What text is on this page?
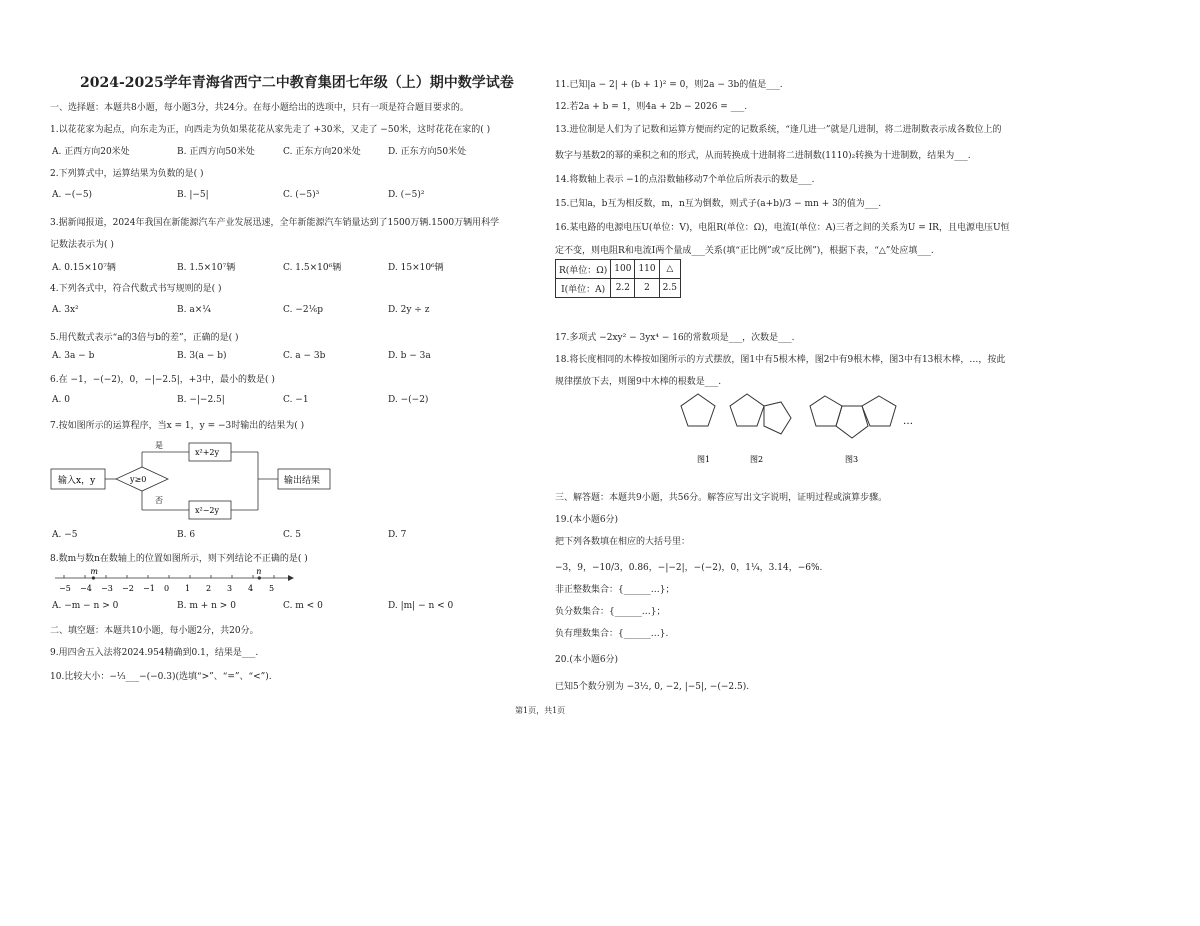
2024-2025学年青海省西宁二中教育集团七年级（上）期中数学试卷
一、选择题：本题共8小题，每小题3分，共24分。在每小题给出的选项中，只有一项是符合题目要求的。
1.以花花家为起点，向东走为正，向西走为负如果花花从家先走了 +30米，又走了 −50米，这时花花在家的( )
A. 正西方向20米处	B. 正西方向50米处	C. 正东方向20米处	D. 正东方向50米处
2.下列算式中，运算结果为负数的是( )
A. −(−5)	B. |−5|	C. (−5)³	D. (−5)²
3.据新闻报道，2024年我国在新能源汽车产业发展迅速，全年新能源汽车销量达到了1500万辆.1500万辆用科学
记数法表示为( )
A. 0.15×10⁷辆	B. 1.5×10⁷辆	C. 1.5×10⁶辆	D. 15×10⁶辆
4.下列各式中，符合代数式书写规则的是( )
A. 3x²	B. a×¼	C. −2⅙p	D. 2y ÷ z
5.用代数式表示“a的3倍与b的差”，正确的是( )
A. 3a − b	B. 3(a − b)	C. a − 3b	D. b − 3a
6.在 −1，−(−2)，0，−|−2.5|，+3中，最小的数是( )
A. 0	B. −|−2.5|	C. −1	D. −(−2)
7.按如图所示的运算程序，当x = 1，y = −3时输出的结果为( )
输入x，y	y≥0
是
x²+2y
否
x²−2y
输出结果
A. −5	B. 6	C. 5	D. 7
8.数m与数n在数轴上的位置如图所示，则下列结论不正确的是( )
−5 −4 −3 −2 −1 0 1 2 3 4 5
m	n
A. −m − n > 0	B. m + n > 0	C. m < 0	D. |m| − n < 0
二、填空题：本题共10小题，每小题2分，共20分。
9.用四舍五入法将2024.954精确到0.1，结果是___.
10.比较大小：−⅓___−(−0.3)(选填“>”、“=”、“<”).
11.已知|a − 2| + (b + 1)² = 0，则2a − 3b的值是___.
12.若2a + b = 1，则4a + 2b − 2026 = ___.
13.进位制是人们为了记数和运算方便而约定的记数系统，“逢几进一”就是几进制，将二进制数表示成各数位上的
数字与基数2的幂的乘积之和的形式，从而转换成十进制将二进制数(1110)₂转换为十进制数，结果为___.
14.将数轴上表示 −1的点沿数轴移动7个单位后所表示的数是___.
15.已知a，b互为相反数，m，n互为倒数，则式子(a+b)/3 − mn + 3的值为___.
16.某电路的电源电压U(单位：V)，电阻R(单位：Ω)，电流I(单位：A)三者之间的关系为U = IR，且电源电压U恒
定不变，则电阻R和电流I两个量成___关系(填“正比例”或“反比例”)，根据下表，“△”处应填___.
R(单位：Ω)	100	110	△
I(单位：A)	2.2	2	2.5
17.多项式 −2xy² − 3yx⁴ − 16的常数项是___，次数是___.
18.将长度相同的木棒按如图所示的方式摆放，图1中有5根木棒，图2中有9根木棒，图3中有13根木棒，…，按此
规律摆放下去，则图9中木棒的根数是___.
…
图1	图2	图3
三、解答题：本题共9小题，共56分。解答应写出文字说明，证明过程或演算步骤。
19.(本小题6分)
把下列各数填在相应的大括号里：
−3，9，−10/3，0.86，−|−2|，−(−2)，0，1¼，3.14，−6%.
非正整数集合：{______…}；
负分数集合：{______…}；
负有理数集合：{______…}.
20.(本小题6分)
已知5个数分别为 −3½, 0, −2, |−5|, −(−2.5).
第1页，共1页
